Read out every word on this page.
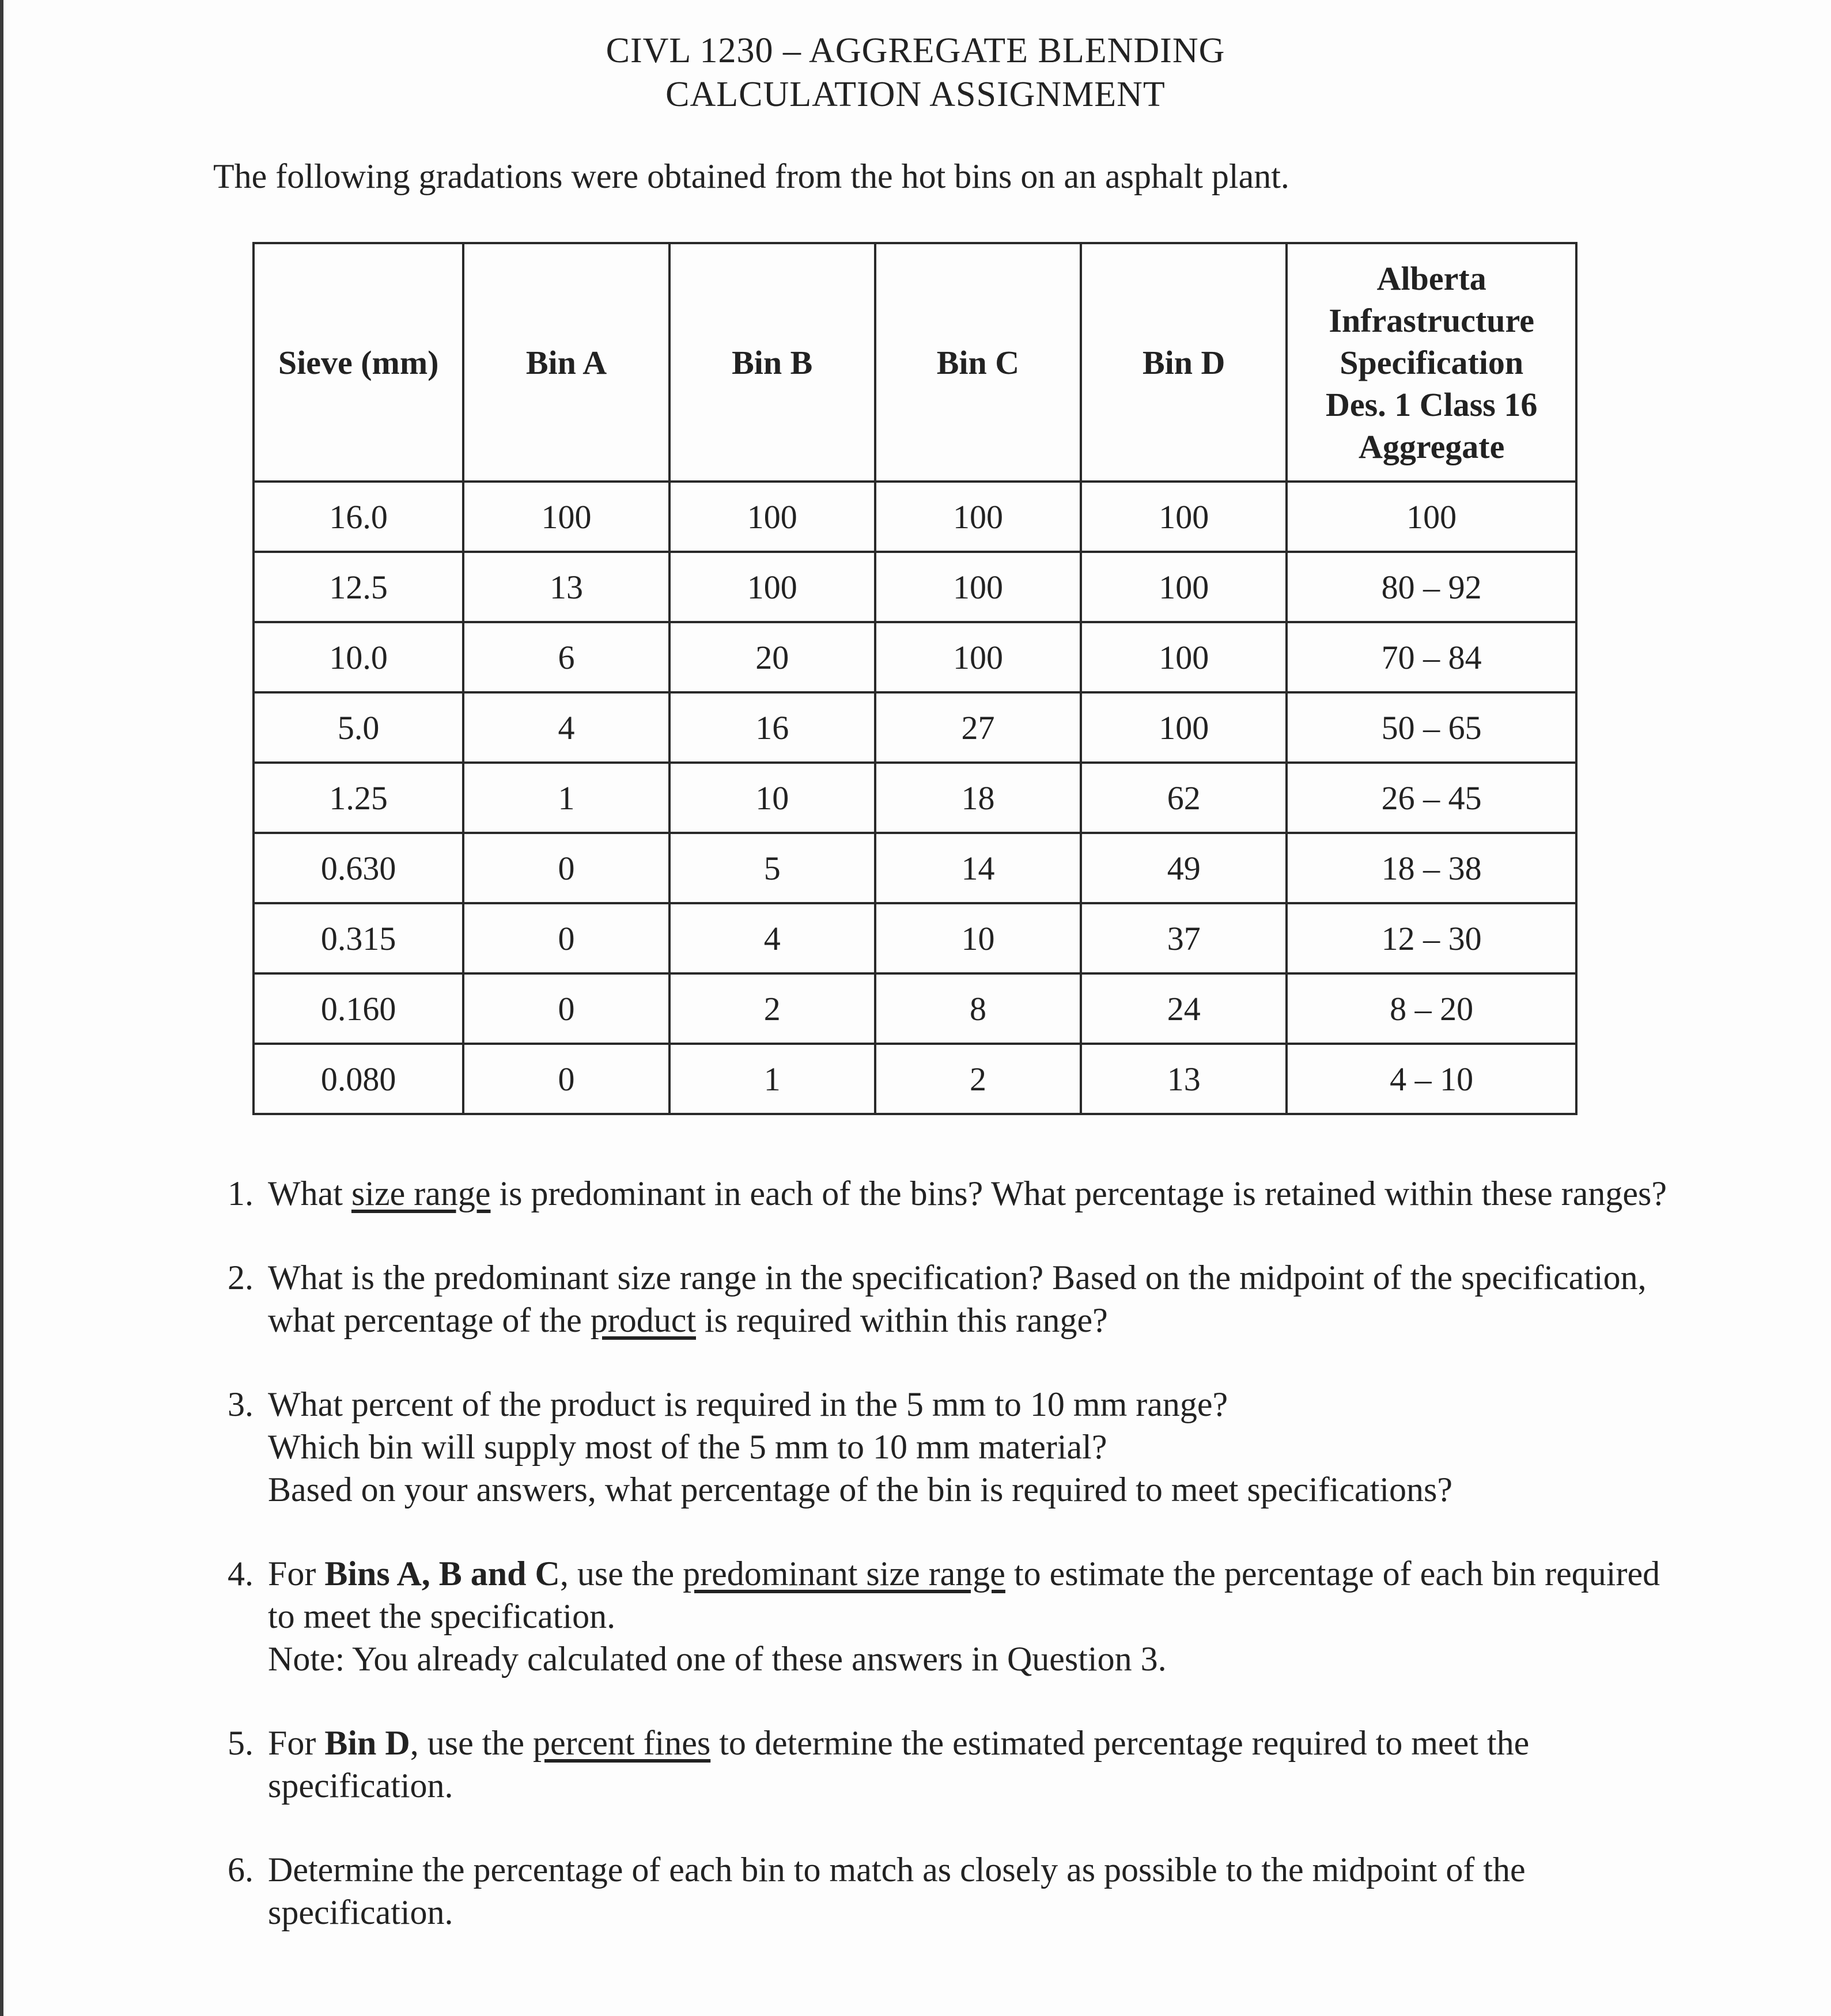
CIVL 1230 – AGGREGATE BLENDING
CALCULATION ASSIGNMENT
The following gradations were obtained from the hot bins on an asphalt plant.
Sieve (mm)	Bin A	Bin B	Bin C	Bin D	Alberta
Infrastructure
Specification
Des. 1 Class 16
Aggregate

16.0	100	100	100	100	100
12.5	13	100	100	100	80 – 92
10.0	6	20	100	100	70 – 84
5.0	4	16	27	100	50 – 65
1.25	1	10	18	62	26 – 45
0.630	0	5	14	49	18 – 38
0.315	0	4	10	37	12 – 30
0.160	0	2	8	24	8 – 20
0.080	0	1	2	13	4 – 10
1. What size range is predominant in each of the bins? What percentage is retained within these ranges?
2. What is the predominant size range in the specification? Based on the midpoint of the specification, what percentage of the product is required within this range?
3. What percent of the product is required in the 5 mm to 10 mm range?
Which bin will supply most of the 5 mm to 10 mm material?
Based on your answers, what percentage of the bin is required to meet specifications?
4. For Bins A, B and C, use the predominant size range to estimate the percentage of each bin required to meet the specification.
Note: You already calculated one of these answers in Question 3.
5. For Bin D, use the percent fines to determine the estimated percentage required to meet the specification.
6. Determine the percentage of each bin to match as closely as possible to the midpoint of the specification.
